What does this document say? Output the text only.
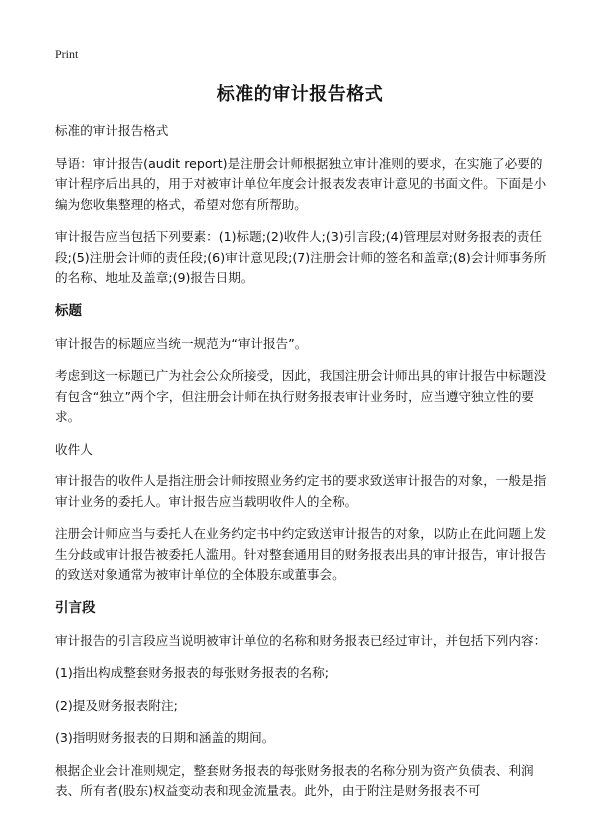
Print
标准的审计报告格式

标准的审计报告格式

导语：审计报告(audit report)是注册会计师根据独立审计准则的要求，在实施了必要的审计程序后出具的，用于对被审计单位年度会计报表发表审计意见的书面文件。下面是小编为您收集整理的格式，希望对您有所帮助。

审计报告应当包括下列要素：(1)标题;(2)收件人;(3)引言段;(4)管理层对财务报表的责任段;(5)注册会计师的责任段;(6)审计意见段;(7)注册会计师的签名和盖章;(8)会计师事务所的名称、地址及盖章;(9)报告日期。

标题

审计报告的标题应当统一规范为“审计报告”。

考虑到这一标题已广为社会公众所接受，因此，我国注册会计师出具的审计报告中标题没有包含“独立”两个字，但注册会计师在执行财务报表审计业务时，应当遵守独立性的要求。

收件人

审计报告的收件人是指注册会计师按照业务约定书的要求致送审计报告的对象，一般是指审计业务的委托人。审计报告应当载明收件人的全称。

注册会计师应当与委托人在业务约定书中约定致送审计报告的对象，以防止在此问题上发生分歧或审计报告被委托人滥用。针对整套通用目的财务报表出具的审计报告，审计报告的致送对象通常为被审计单位的全体股东或董事会。

引言段

审计报告的引言段应当说明被审计单位的名称和财务报表已经过审计，并包括下列内容：

(1)指出构成整套财务报表的每张财务报表的名称;

(2)提及财务报表附注;

(3)指明财务报表的日期和涵盖的期间。

根据企业会计准则规定，整套财务报表的每张财务报表的名称分别为资产负债表、利润表、所有者(股东)权益变动表和现金流量表。此外，由于附注是财务报表不可
